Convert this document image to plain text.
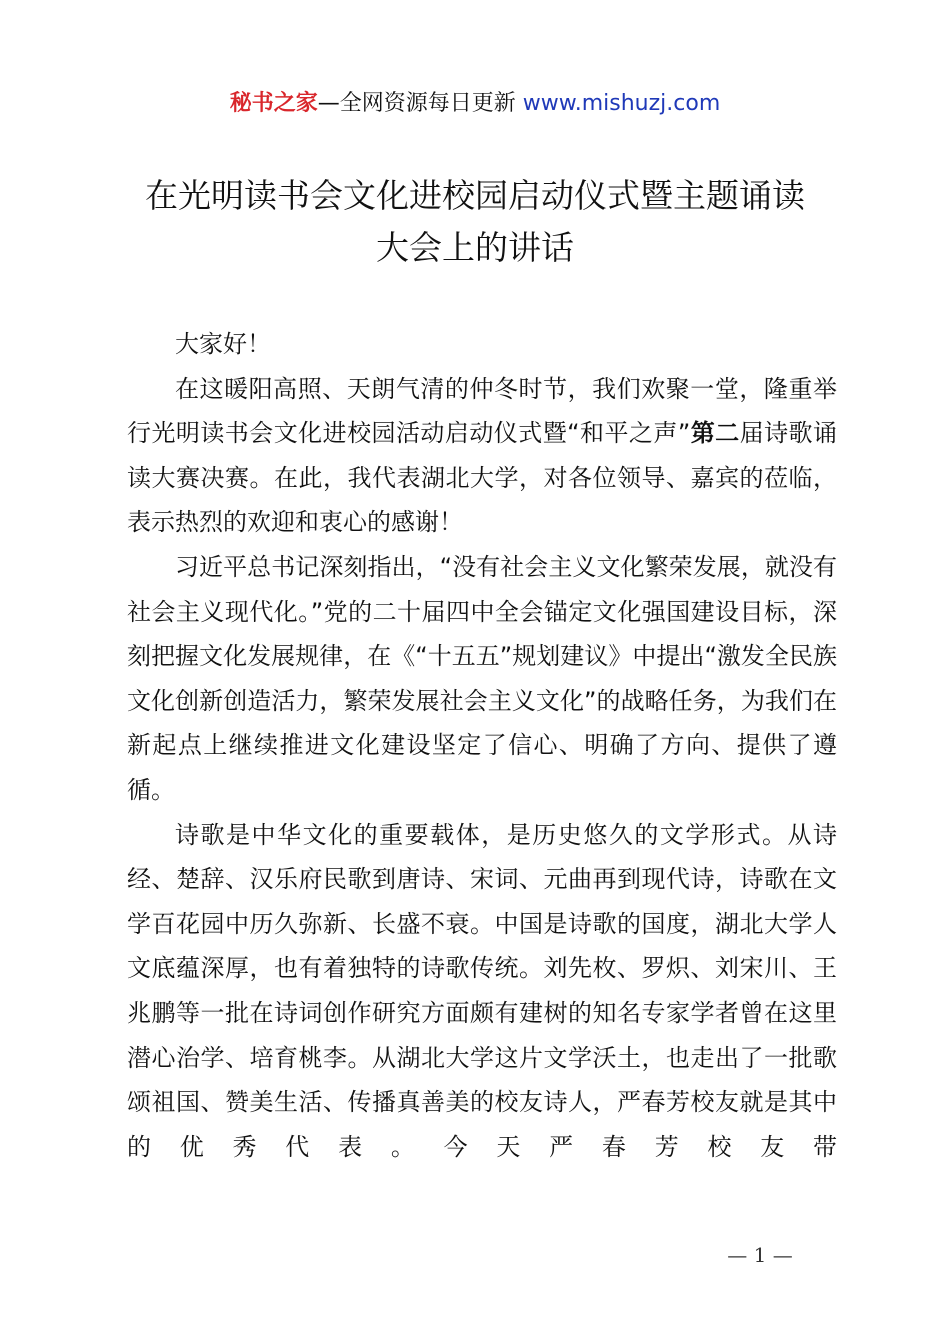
秘书之家—全网资源每日更新 www.mishuzj.com
在光明读书会文化进校园启动仪式暨主题诵读
大会上的讲话

大家好！

在这暖阳高照、天朗气清的仲冬时节，我们欢聚一堂，隆重举行光明读书会文化进校园活动启动仪式暨“和平之声”第二届诗歌诵读大赛决赛。在此，我代表湖北大学，对各位领导、嘉宾的莅临，表示热烈的欢迎和衷心的感谢！

习近平总书记深刻指出，“没有社会主义文化繁荣发展，就没有社会主义现代化。”党的二十届四中全会锚定文化强国建设目标，深刻把握文化发展规律，在《“十五五”规划建议》中提出“激发全民族文化创新创造活力，繁荣发展社会主义文化”的战略任务，为我们在新起点上继续推进文化建设坚定了信心、明确了方向、提供了遵循。

诗歌是中华文化的重要载体，是历史悠久的文学形式。从诗经、楚辞、汉乐府民歌到唐诗、宋词、元曲再到现代诗，诗歌在文学百花园中历久弥新、长盛不衰。中国是诗歌的国度，湖北大学人文底蕴深厚，也有着独特的诗歌传统。刘先枚、罗炽、刘宋川、王兆鹏等一批在诗词创作研究方面颇有建树的知名专家学者曾在这里潜心治学、培育桃李。从湖北大学这片文学沃土，也走出了一批歌颂祖国、赞美生活、传播真善美的校友诗人，严春芳校友就是其中的优秀代表。今天严春芳校友带

— 1 —
